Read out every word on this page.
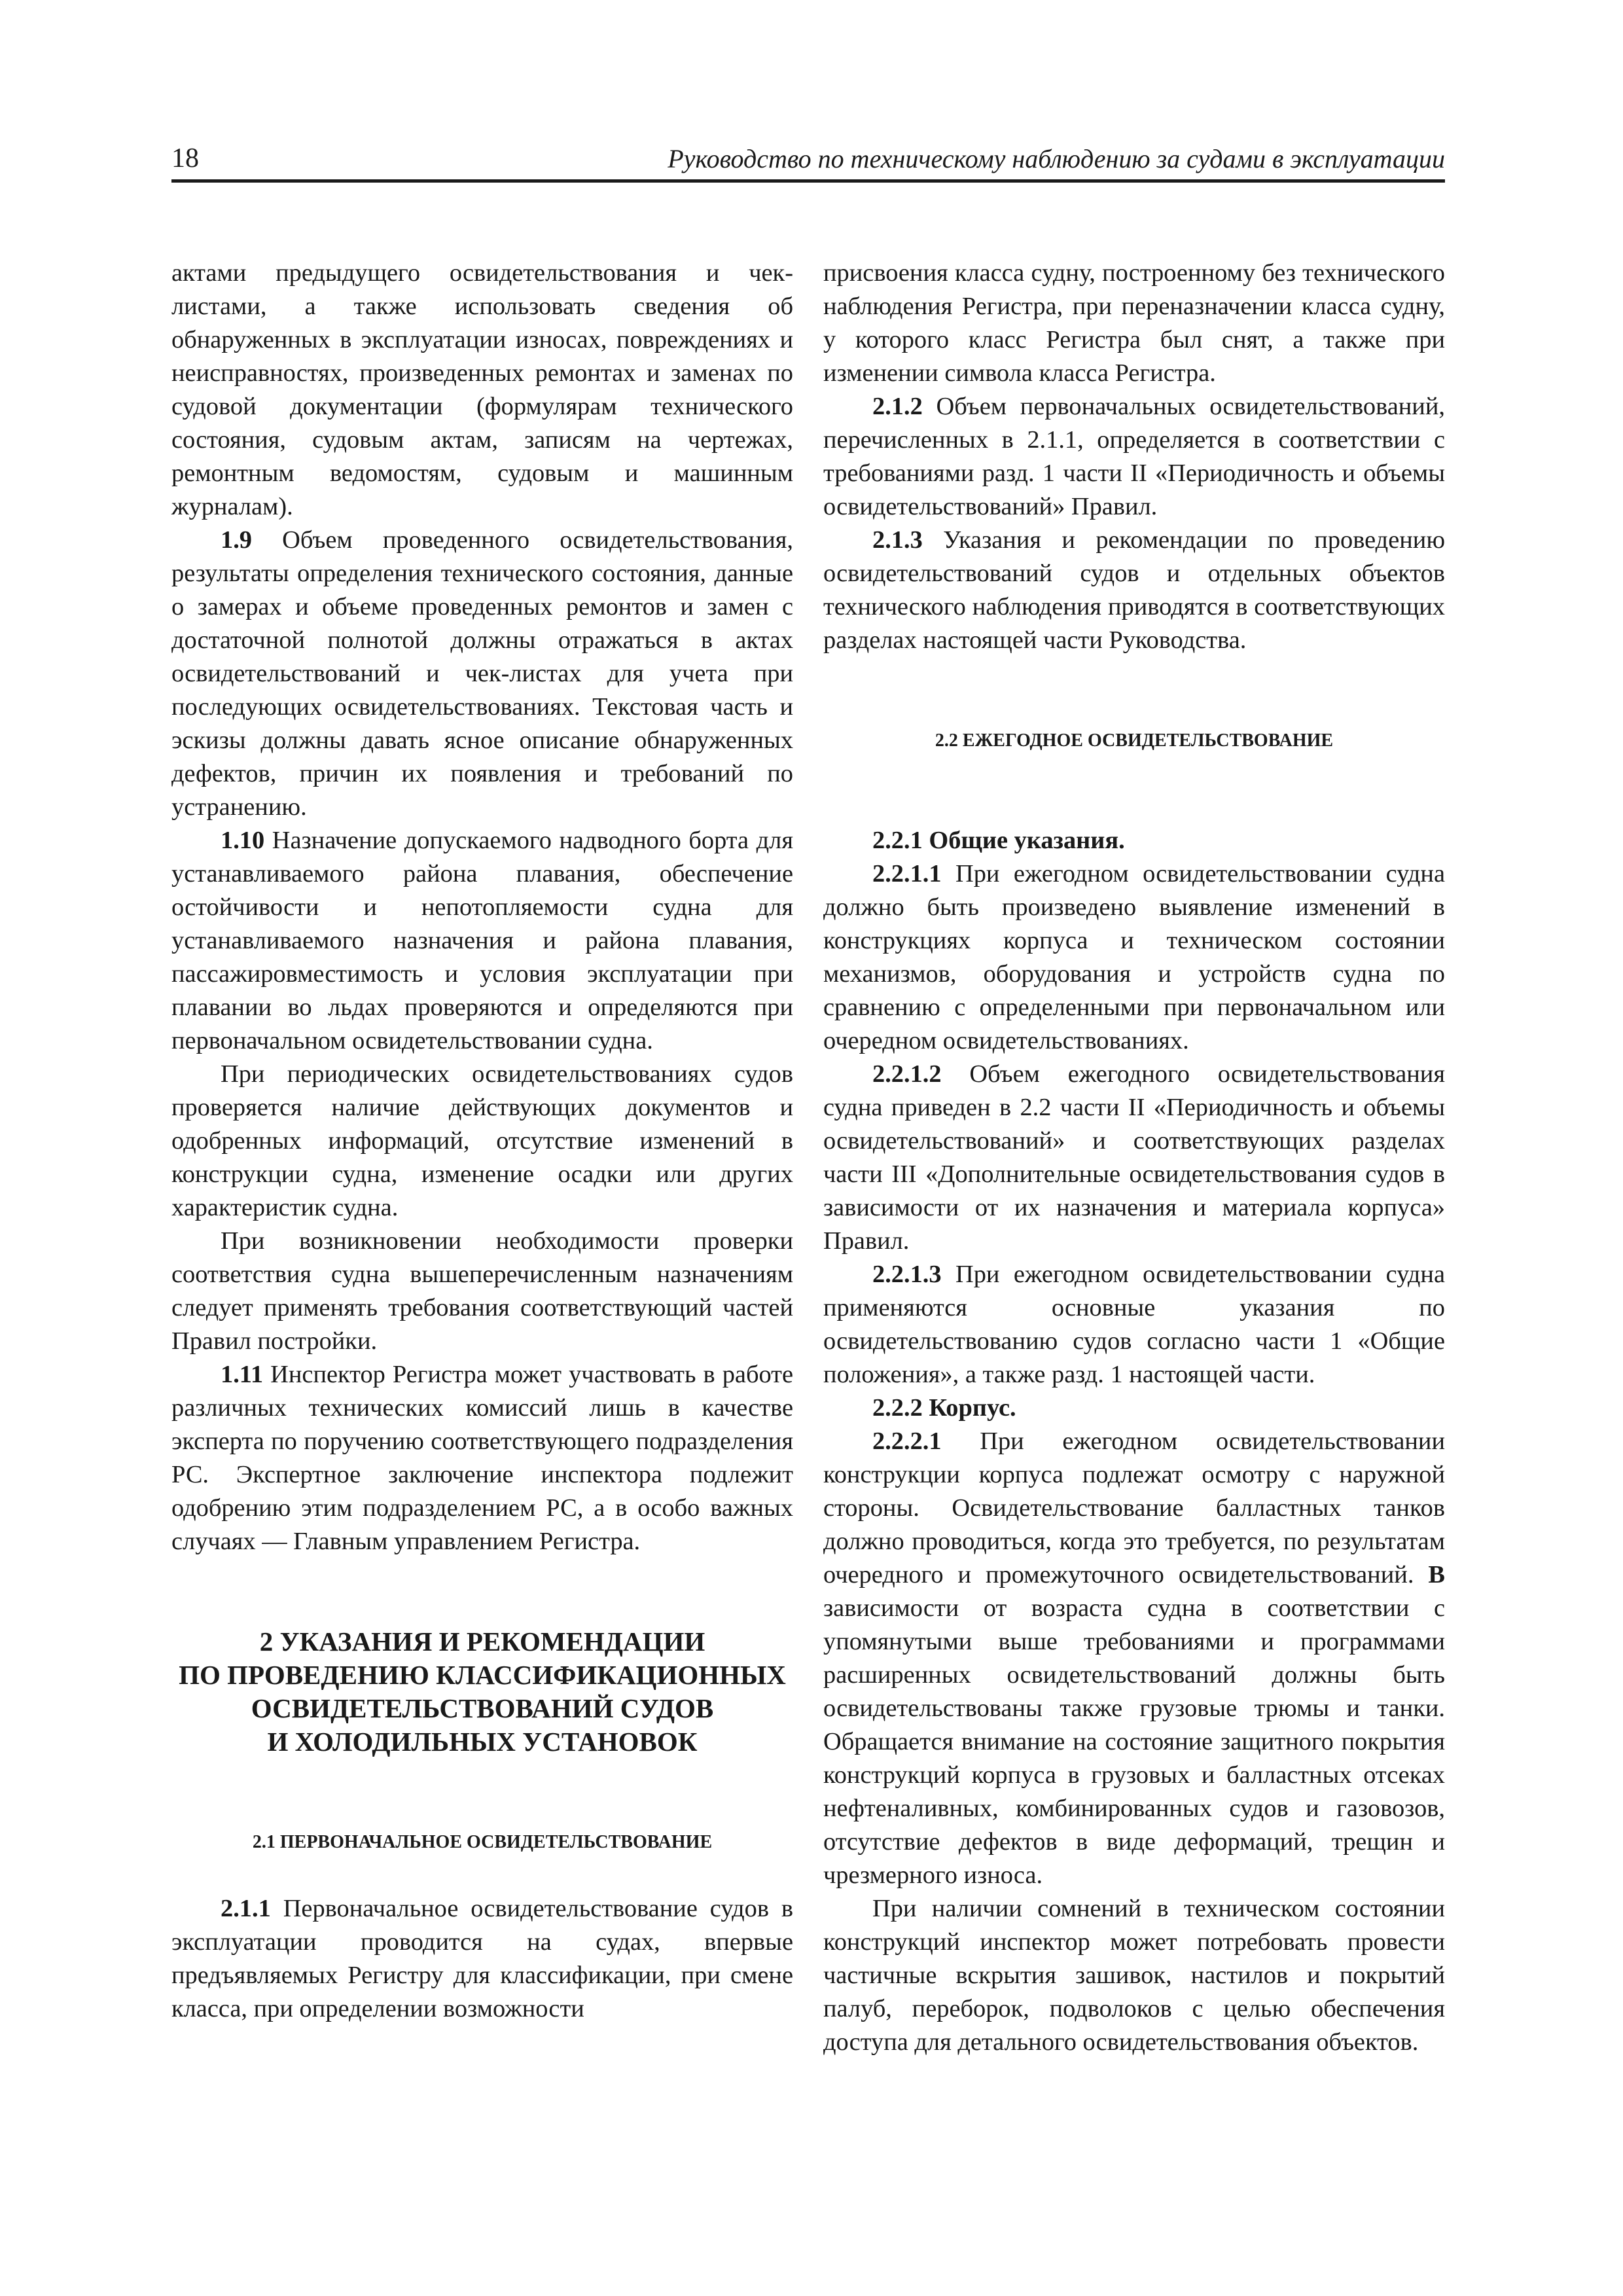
18	Руководство по техническому наблюдению за судами в эксплуатации

актами предыдущего освидетельствования и чек-листами, а также использовать сведения об обнаруженных в эксплуатации износах, повреждениях и неисправностях, произведенных ремонтах и заменах по судовой документации (формулярам технического состояния, судовым актам, записям на чертежах, ремонтным ведомостям, судовым и машинным журналам).

1.9 Объем проведенного освидетельствования, результаты определения технического состояния, данные о замерах и объеме проведенных ремонтов и замен с достаточной полнотой должны отражаться в актах освидетельствований и чек-листах для учета при последующих освидетельствованиях. Текстовая часть и эскизы должны давать ясное описание обнаруженных дефектов, причин их появления и требований по устранению.

1.10 Назначение допускаемого надводного борта для устанавливаемого района плавания, обеспечение остойчивости и непотопляемости судна для устанавливаемого назначения и района плавания, пассажировместимость и условия эксплуатации при плавании во льдах проверяются и определяются при первоначальном освидетельствовании судна.

При периодических освидетельствованиях судов проверяется наличие действующих документов и одобренных информаций, отсутствие изменений в конструкции судна, изменение осадки или других характеристик судна.

При возникновении необходимости проверки соответствия судна вышеперечисленным назначениям следует применять требования соответствующий частей Правил постройки.

1.11 Инспектор Регистра может участвовать в работе различных технических комиссий лишь в качестве эксперта по поручению соответствующего подразделения РС. Экспертное заключение инспектора подлежит одобрению этим подразделением РС, а в особо важных случаях — Главным управлением Регистра.

2 УКАЗАНИЯ И РЕКОМЕНДАЦИИ
ПО ПРОВЕДЕНИЮ КЛАССИФИКАЦИОННЫХ
ОСВИДЕТЕЛЬСТВОВАНИЙ СУДОВ
И ХОЛОДИЛЬНЫХ УСТАНОВОК
2.1 ПЕРВОНАЧАЛЬНОЕ ОСВИДЕТЕЛЬСТВОВАНИЕ

2.1.1 Первоначальное освидетельствование судов в эксплуатации проводится на судах, впервые предъявляемых Регистру для классификации, при смене класса, при определении возможности

присвоения класса судну, построенному без технического наблюдения Регистра, при переназначении класса судну, у которого класс Регистра был снят, а также при изменении символа класса Регистра.

2.1.2 Объем первоначальных освидетельствований, перечисленных в 2.1.1, определяется в соответствии с требованиями разд. 1 части II «Периодичность и объемы освидетельствований» Правил.

2.1.3 Указания и рекомендации по проведению освидетельствований судов и отдельных объектов технического наблюдения приводятся в соответствующих разделах настоящей части Руководства.

2.2 ЕЖЕГОДНОЕ ОСВИДЕТЕЛЬСТВОВАНИЕ

2.2.1 Общие указания.

2.2.1.1 При ежегодном освидетельствовании судна должно быть произведено выявление изменений в конструкциях корпуса и техническом состоянии механизмов, оборудования и устройств судна по сравнению с определенными при первоначальном или очередном освидетельствованиях.

2.2.1.2 Объем ежегодного освидетельствования судна приведен в 2.2 части II «Периодичность и объемы освидетельствований» и соответствующих разделах части III «Дополнительные освидетельствования судов в зависимости от их назначения и материала корпуса» Правил.

2.2.1.3 При ежегодном освидетельствовании судна применяются основные указания по освидетельствованию судов согласно части 1 «Общие положения», а также разд. 1 настоящей части.

2.2.2 Корпус.

2.2.2.1 При ежегодном освидетельствовании конструкции корпуса подлежат осмотру с наружной стороны. Освидетельствование балластных танков должно проводиться, когда это требуется, по результатам очередного и промежуточного освидетельствований. В зависимости от возраста судна в соответствии с упомянутыми выше требованиями и программами расширенных освидетельствований должны быть освидетельствованы также грузовые трюмы и танки. Обращается внимание на состояние защитного покрытия конструкций корпуса в грузовых и балластных отсеках нефтеналивных, комбинированных судов и газовозов, отсутствие дефектов в виде деформаций, трещин и чрезмерного износа.

При наличии сомнений в техническом состоянии конструкций инспектор может потребовать провести частичные вскрытия зашивок, настилов и покрытий палуб, переборок, подволоков с целью обеспечения доступа для детального освидетельствования объектов.
